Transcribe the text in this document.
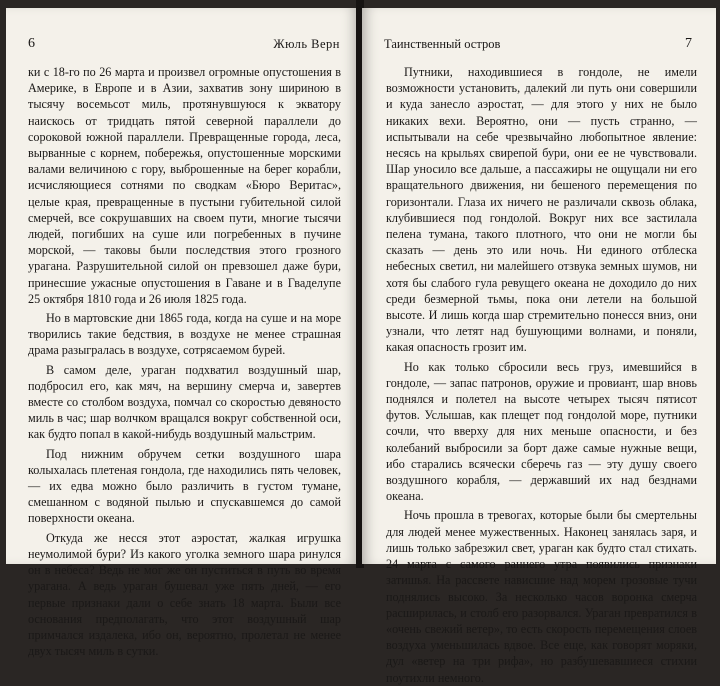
6	Жюль Верн

ки с 18-го по 26 марта и произвел огромные опустошения в Америке, в Европе и в Азии, захватив зону шириною в тысячу восемьсот миль, протянувшуюся к экватору наискось от тридцать пятой северной параллели до сороковой южной параллели. Превращенные города, леса, вырванные с корнем, побережья, опустошенные морскими валами величиною с гору, выброшенные на берег корабли, исчисляющиеся сотнями по сводкам «Бюро Веритас», целые края, превращенные в пустыни губительной силой смерчей, все сокрушавших на своем пути, многие тысячи людей, погибших на суше или погребенных в пучине морской, — таковы были последствия этого грозного урагана. Разрушительной силой он превзошел даже бури, принесшие ужасные опустошения в Гаване и в Гваделупе 25 октября 1810 года и 26 июля 1825 года.

Но в мартовские дни 1865 года, когда на суше и на море творились такие бедствия, в воздухе не менее страшная драма разыгралась в воздухе, сотрясаемом бурей.

В самом деле, ураган подхватил воздушный шар, подбросил его, как мяч, на вершину смерча и, завертев вместе со столбом воздуха, помчал со скоростью девяносто миль в час; шар волчком вращался вокруг собственной оси, как будто попал в какой-нибудь воздушный мальстрим.

Под нижним обручем сетки воздушного шара колыхалась плетеная гондола, где находились пять человек, — их едва можно было различить в густом тумане, смешанном с водяной пылью и спускавшемся до самой поверхности океана.

Откуда же несся этот аэростат, жалкая игрушка неумолимой бури? Из какого уголка земного шара ринулся он в небеса? Ведь не мог же он пуститься в путь во время урагана. А ведь ураган бушевал уже пять дней, — его первые признаки дали о себе знать 18 марта. Были все основания предполагать, что этот воздушный шар примчался издалека, ибо он, вероятно, пролетал не менее двух тысяч миль в сутки.

Таинственный остров	7

Путники, находившиеся в гондоле, не имели возможности установить, далекий ли путь они совершили и куда занесло аэростат, — для этого у них не было никаких вехи. Вероятно, они — пусть странно, — испытывали на себе чрезвычайно любопытное явление: несясь на крыльях свирепой бури, они ее не чувствовали. Шар уносило все дальше, а пассажиры не ощущали ни его вращательного движения, ни бешеного перемещения по горизонтали. Глаза их ничего не различали сквозь облака, клубившиеся под гондолой. Вокруг них все застилала пелена тумана, такого плотного, что они не могли бы сказать — день это или ночь. Ни единого отблеска небесных светил, ни малейшего отзвука земных шумов, ни хотя бы слабого гула ревущего океана не доходило до них среди безмерной тьмы, пока они летели на большой высоте. И лишь когда шар стремительно понесся вниз, они узнали, что летят над бушующими волнами, и поняли, какая опасность грозит им.

Но как только сбросили весь груз, имевшийся в гондоле, — запас патронов, оружие и провиант, шар вновь поднялся и полетел на высоте четырех тысяч пятисот футов. Услышав, как плещет под гондолой море, путники сочли, что вверху для них меньше опасности, и без колебаний выбросили за борт даже самые нужные вещи, ибо старались всячески сберечь газ — эту душу своего воздушного корабля, — державший их над безднами океана.

Ночь прошла в тревогах, которые были бы смертельны для людей менее мужественных. Наконец занялась заря, и лишь только забрезжил свет, ураган как будто стал стихать. 24 марта с самого раннего утра появились признаки затишья. На рассвете нависшие над морем грозовые тучи поднялись высоко. За несколько часов воронка смерча расширилась, и столб его разорвался. Ураган превратился в «очень свежий ветер», то есть скорость перемещения слоев воздуха уменьшилась вдвое. Все еще, как говорят моряки, дул «ветер на три рифа», но разбушевавшиеся стихии поутихли немного.
